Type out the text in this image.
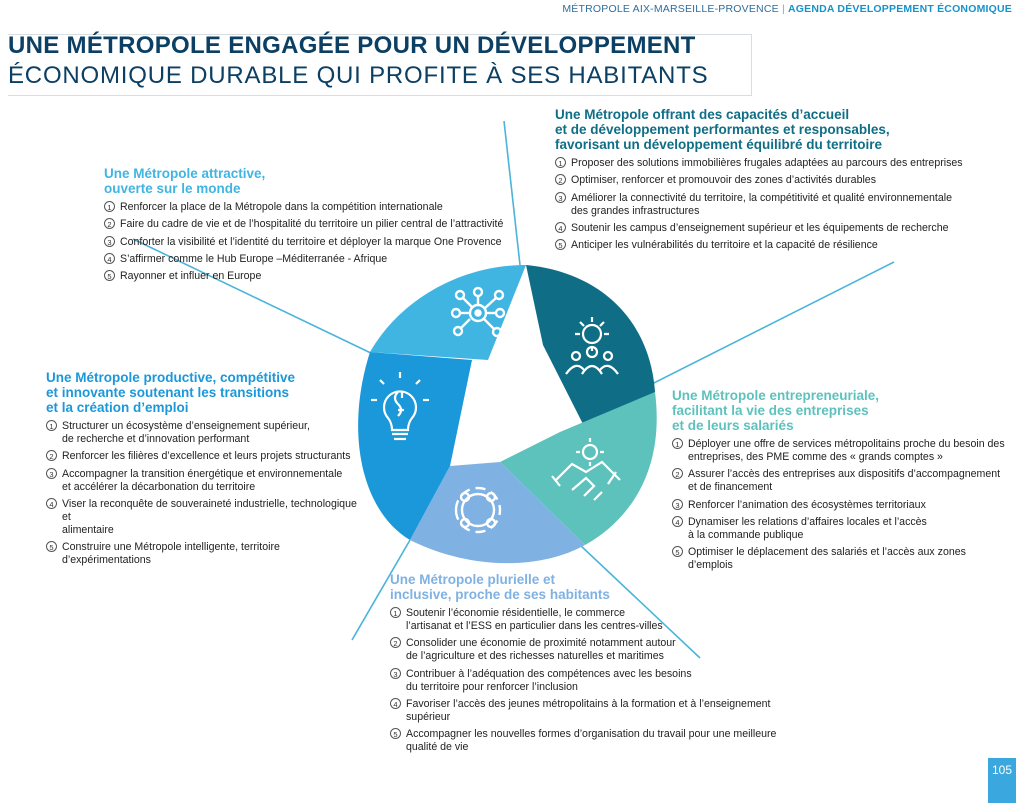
MÉTROPOLE AIX-MARSEILLE-PROVENCE | AGENDA DÉVELOPPEMENT ÉCONOMIQUE
UNE MÉTROPOLE ENGAGÉE POUR UN DÉVELOPPEMENT
ÉCONOMIQUE DURABLE QUI PROFITE À SES HABITANTS
Une Métropole attractive,
ouverte sur le monde
1 Renforcer la place de la Métropole dans la compétition internationale
2 Faire du cadre de vie et de l’hospitalité du territoire un pilier central de l’attractivité
3 Conforter la visibilité et l’identité du territoire et déployer la marque One Provence
4 S’affirmer comme le Hub Europe –Méditerranée - Afrique
5 Rayonner et influer en Europe
Une Métropole offrant des capacités d’accueil
et de développement performantes et responsables,
favorisant un développement équilibré du territoire
1 Proposer des solutions immobilières frugales adaptées au parcours des entreprises
2 Optimiser, renforcer et promouvoir des zones d’activités durables
3 Améliorer la connectivité du territoire, la compétitivité et qualité environnementale
des grandes infrastructures
4 Soutenir les campus d’enseignement supérieur et les équipements de recherche
5 Anticiper les vulnérabilités du territoire et la capacité de résilience
Une Métropole productive, compétitive
et innovante soutenant les transitions
et la création d’emploi
1 Structurer un écosystème d’enseignement supérieur,
de recherche et d’innovation performant
2 Renforcer les filières d’excellence et leurs projets structurants
3 Accompagner la transition énergétique et environnementale
et accélérer la décarbonation du territoire
4 Viser la reconquête de souveraineté industrielle, technologique et
alimentaire
5 Construire une Métropole intelligente, territoire d’expérimentations
Une Métropole entrepreneuriale,
facilitant la vie des entreprises
et de leurs salariés
1 Déployer une offre de services métropolitains proche du besoin des
entreprises, des PME comme des « grands comptes »
2 Assurer l’accès des entreprises aux dispositifs d’accompagnement
et de financement
3 Renforcer l’animation des écosystèmes territoriaux
4 Dynamiser les relations d’affaires locales et l’accès
à la commande publique
5 Optimiser le déplacement des salariés et l’accès aux zones d’emplois
Une Métropole plurielle et
inclusive, proche de ses habitants
1 Soutenir l’économie résidentielle, le commerce
l’artisanat et l’ESS en particulier dans les centres-villes
2 Consolider une économie de proximité notamment autour
de l’agriculture et des richesses naturelles et maritimes
3 Contribuer à l’adéquation des compétences avec les besoins
du territoire pour renforcer l’inclusion
4 Favoriser l’accès des jeunes métropolitains à la formation et à l’enseignement supérieur
5 Accompagner les nouvelles formes d’organisation du travail pour une meilleure
qualité de vie
105
